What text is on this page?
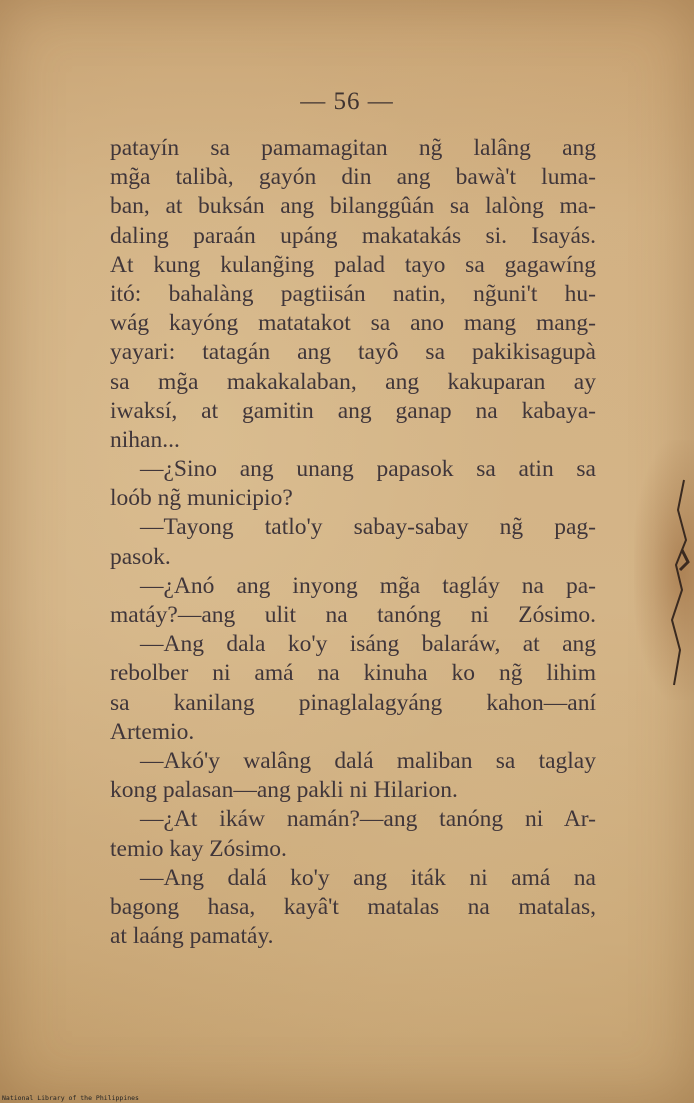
— 56 —
patayín sa pamamagitan ng̃ lalâng ang
mg̃a talibà, gayón din ang bawà't luma-
ban, at buksán ang bilanggûán sa lalòng ma-
daling paraán upáng makatakás si. Isayás.
At kung kulang̃ing palad tayo sa gagawíng
itó: bahalàng pagtiisán natin, ng̃uni't hu-
wág kayóng matatakot sa ano mang mang-
yayari: tatagán ang tayô sa pakikisagupà
sa mg̃a makakalaban, ang kakuparan ay
iwaksí, at gamitin ang ganap na kabaya-
nihan...
—¿Sino ang unang papasok sa atin sa
loób ng̃ municipio?
—Tayong tatlo'y sabay-sabay ng̃ pag-
pasok.
—¿Anó ang inyong mg̃a tagláy na pa-
matáy?—ang ulit na tanóng ni Zósimo.
—Ang dala ko'y isáng balaráw, at ang
rebolber ni amá na kinuha ko ng̃ lihim
sa kanilang pinaglalagyáng kahon—aní
Artemio.
—Akó'y walâng dalá maliban sa taglay
kong palasan—ang pakli ni Hilarion.
—¿At ikáw namán?—ang tanóng ni Ar-
temio kay Zósimo.
—Ang dalá ko'y ang iták ni amá na
bagong hasa, kayâ't matalas na matalas,
at laáng pamatáy.
National Library of the Philippines
